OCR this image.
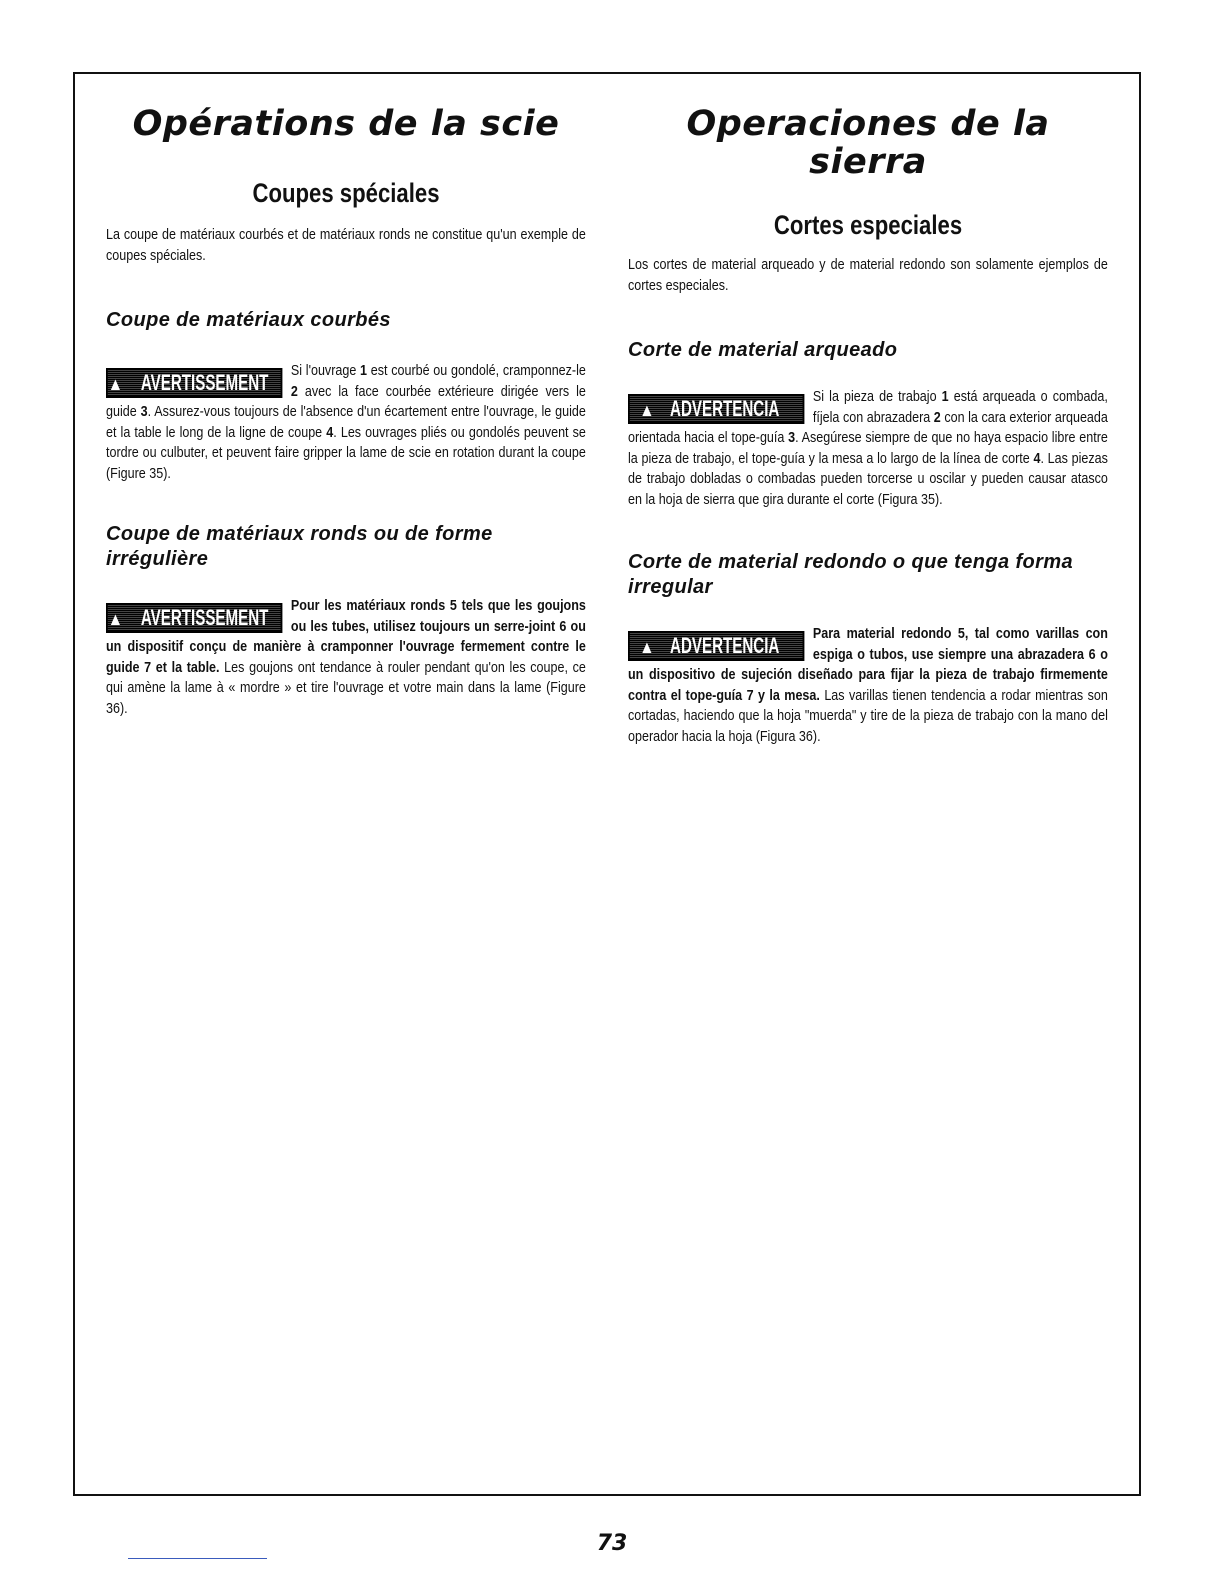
Opérations de la scie
Coupes spéciales

La coupe de matériaux courbés et de matériaux ronds ne constitue qu'un exemple de coupes spéciales.

Coupe de matériaux courbés
▲ AVERTISSEMENT	Si l'ouvrage 1 est courbé ou gondolé, cramponnez-le 2 avec la face courbée extérieure dirigée vers le guide 3. Assurez-vous toujours de l'absence d'un écartement entre l'ouvrage, le guide et la table le long de la ligne de coupe 4. Les ouvrages pliés ou gondolés peuvent se tordre ou culbuter, et peuvent faire gripper la lame de scie en rotation durant la coupe (Figure 35).

Coupe de matériaux ronds ou de forme irrégulière
▲ AVERTISSEMENT	Pour les matériaux ronds 5 tels que les goujons ou les tubes, utilisez toujours un serre-joint 6 ou un dispositif conçu de manière à cramponner l'ouvrage fermement contre le guide 7 et la table. Les goujons ont tendance à rouler pendant qu'on les coupe, ce qui amène la lame à « mordre » et tire l'ouvrage et votre main dans la lame (Figure 36).

Operaciones de la sierra
Cortes especiales

Los cortes de material arqueado y de material redondo son solamente ejemplos de cortes especiales.

Corte de material arqueado
▲ ADVERTENCIA	Si la pieza de trabajo 1 está arqueada o combada, fíjela con abrazadera 2 con la cara exterior arqueada orientada hacia el tope-guía 3. Asegúrese siempre de que no haya espacio libre entre la pieza de trabajo, el tope-guía y la mesa a lo largo de la línea de corte 4. Las piezas de trabajo dobladas o combadas pueden torcerse u oscilar y pueden causar atasco en la hoja de sierra que gira durante el corte (Figura 35).

Corte de material redondo o que tenga forma irregular
▲ ADVERTENCIA	Para material redondo 5, tal como varillas con espiga o tubos, use siempre una abrazadera 6 o un dispositivo de sujeción diseñado para fijar la pieza de trabajo firmemente contra el tope-guía 7 y la mesa. Las varillas tienen tendencia a rodar mientras son cortadas, haciendo que la hoja "muerda" y tire de la pieza de trabajo con la mano del operador hacia la hoja (Figura 36).

73
